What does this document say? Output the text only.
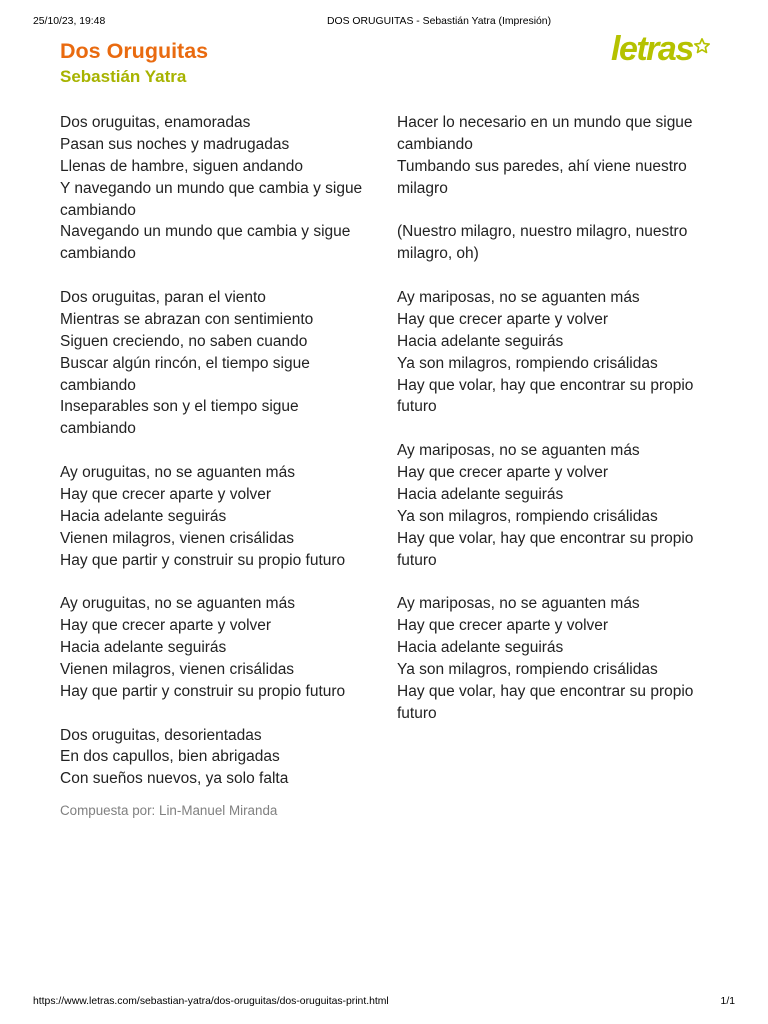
25/10/23, 19:48	DOS ORUGUITAS - Sebastián Yatra (Impresión)
Dos Oruguitas
Sebastián Yatra
letras
Dos oruguitas, enamoradas
Pasan sus noches y madrugadas
Llenas de hambre, siguen andando
Y navegando un mundo que cambia y sigue cambiando
Navegando un mundo que cambia y sigue cambiando
Dos oruguitas, paran el viento
Mientras se abrazan con sentimiento
Siguen creciendo, no saben cuando
Buscar algún rincón, el tiempo sigue cambiando
Inseparables son y el tiempo sigue cambiando
Ay oruguitas, no se aguanten más
Hay que crecer aparte y volver
Hacia adelante seguirás
Vienen milagros, vienen crisálidas
Hay que partir y construir su propio futuro
Ay oruguitas, no se aguanten más
Hay que crecer aparte y volver
Hacia adelante seguirás
Vienen milagros, vienen crisálidas
Hay que partir y construir su propio futuro
Dos oruguitas, desorientadas
En dos capullos, bien abrigadas
Con sueños nuevos, ya solo falta
Compuesta por: Lin-Manuel Miranda
Hacer lo necesario en un mundo que sigue cambiando
Tumbando sus paredes, ahí viene nuestro milagro
(Nuestro milagro, nuestro milagro, nuestro milagro, oh)
Ay mariposas, no se aguanten más
Hay que crecer aparte y volver
Hacia adelante seguirás
Ya son milagros, rompiendo crisálidas
Hay que volar, hay que encontrar su propio futuro
Ay mariposas, no se aguanten más
Hay que crecer aparte y volver
Hacia adelante seguirás
Ya son milagros, rompiendo crisálidas
Hay que volar, hay que encontrar su propio futuro
Ay mariposas, no se aguanten más
Hay que crecer aparte y volver
Hacia adelante seguirás
Ya son milagros, rompiendo crisálidas
Hay que volar, hay que encontrar su propio futuro
https://www.letras.com/sebastian-yatra/dos-oruguitas/dos-oruguitas-print.html	1/1
